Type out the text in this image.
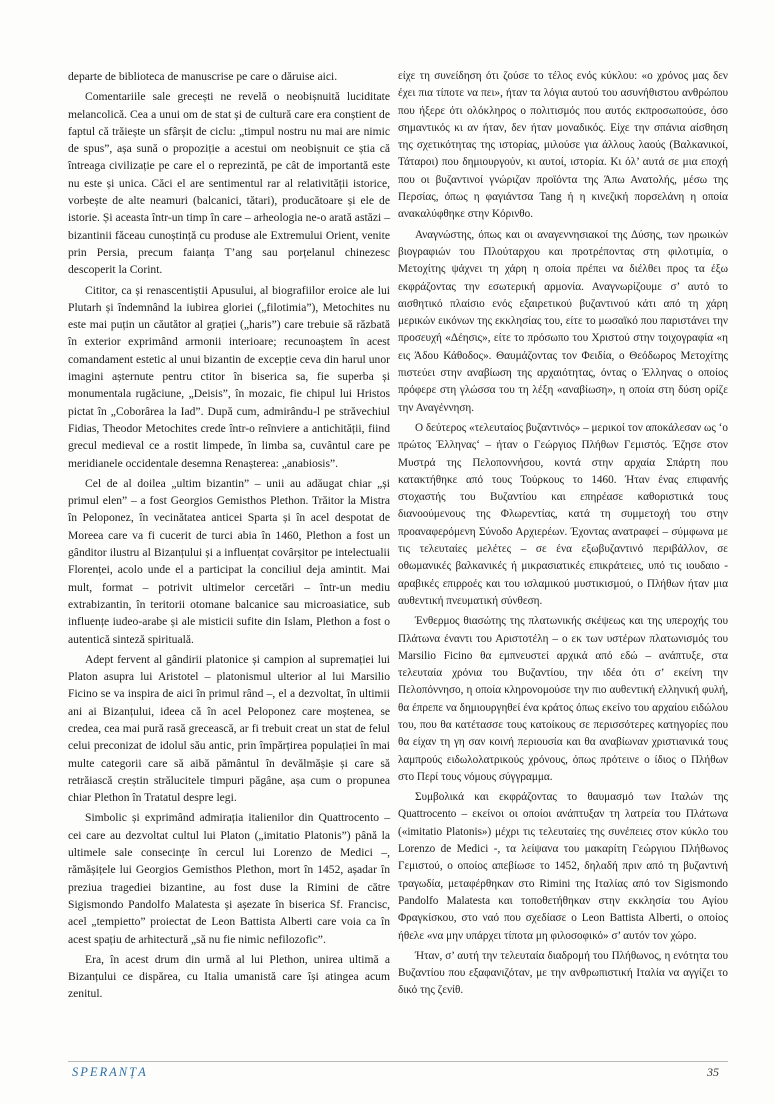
departe de biblioteca de manuscrise pe care o dăruise aici.

Comentariile sale grecești ne revelă o neobișnuită luciditate melancolică. Cea a unui om de stat și de cultură care era conștient de faptul că trăiește un sfârșit de ciclu: „timpul nostru nu mai are nimic de spus”, așa sună o propoziție a acestui om neobișnuit ce știa că întreaga civilizație pe care el o reprezintă, pe cât de importantă este nu este și unica. Căci el are sentimentul rar al relativității istorice, vorbește de alte neamuri (balcanici, tătari), producătoare și ele de istorie. Și aceasta într-un timp în care – arheologia ne-o arată astăzi – bizantinii făceau cunoștință cu produse ale Extremului Orient, venite prin Persia, precum faianța T’ang sau porțelanul chinezesc descoperit la Corint.

Cititor, ca și renascentiștii Apusului, al biografiilor eroice ale lui Plutarh și îndemnând la iubirea gloriei („filotimia”), Metochites nu este mai puțin un căutător al grației („haris”) care trebuie să răzbată în exterior exprimând armonii interioare; recunoaștem în acest comandament estetic al unui bizantin de excepție ceva din harul unor imagini așternute pentru ctitor în biserica sa, fie superba și monumentala rugăciune, „Deisis”, în mozaic, fie chipul lui Hristos pictat în „Coborârea la Iad”. După cum, admirându-l pe străvechiul Fidias, Theodor Metochites crede într-o reînviere a antichității, fiind grecul medieval ce a rostit limpede, în limba sa, cuvântul care pe meridianele occidentale desemna Renașterea: „anabiosis”.

Cel de al doilea „ultim bizantin” – unii au adăugat chiar „și primul elen” – a fost Georgios Gemisthos Plethon. Trăitor la Mistra în Peloponez, în vecinătatea anticei Sparta și în acel despotat de Moreea care va fi cucerit de turci abia în 1460, Plethon a fost un gânditor ilustru al Bizanțului și a influențat covârșitor pe intelectualii Florenței, acolo unde el a participat la conciliul deja amintit. Mai mult, format – potrivit ultimelor cercetări – într-un mediu extrabizantin, în teritorii otomane balcanice sau microasiatice, sub influențe iudeo-arabe și ale misticii sufite din Islam, Plethon a fost o autentică sinteză spirituală.

Adept fervent al gândirii platonice și campion al supremației lui Platon asupra lui Aristotel – platonismul ulterior al lui Marsilio Ficino se va inspira de aici în primul rând –, el a dezvoltat, în ultimii ani ai Bizanțului, ideea că în acel Peloponez care moștenea, se credea, cea mai pură rasă grecească, ar fi trebuit creat un stat de felul celui preconizat de idolul său antic, prin împărțirea populației în mai multe categorii care să aibă pământul în devălmășie și care să retrăiască creștin strălucitele timpuri păgâne, așa cum o propunea chiar Plethon în Tratatul despre legi.

Simbolic și exprimând admirația italienilor din Quattrocento – cei care au dezvoltat cultul lui Platon („imitatio Platonis”) până la ultimele sale consecințe în cercul lui Lorenzo de Medici –, rămășițele lui Georgios Gemisthos Plethon, mort în 1452, așadar în preziua tragediei bizantine, au fost duse la Rimini de către Sigismondo Pandolfo Malatesta și așezate în biserica Sf. Francisc, acel „tempietto” proiectat de Leon Battista Alberti care voia ca în acest spațiu de arhitectură „să nu fie nimic nefilozofic”.

Era, în acest drum din urmă al lui Plethon, unirea ultimă a Bizanțului ce dispărea, cu Italia umanistă care își atingea acum zenitul.

είχε τη συνείδηση ότι ζούσε το τέλος ενός κύκλου: «ο χρόνος μας δεν έχει πια τίποτε να πει», ήταν τα λόγια αυτού του ασυνήθιστου ανθρώπου που ήξερε ότι ολόκληρος ο πολιτισμός που αυτός εκπροσωπούσε, όσο σημαντικός κι αν ήταν, δεν ήταν μοναδικός. Είχε την σπάνια αίσθηση της σχετικότητας της ιστορίας, μιλούσε για άλλους λαούς (Βαλκανικοί, Τάταροι) που δημιουργούν, κι αυτοί, ιστορία. Κι όλ’ αυτά σε μια εποχή που οι βυζαντινοί γνώριζαν προϊόντα της Άπω Ανατολής, μέσω της Περσίας, όπως η φαγιάντσα Tang ή η κινεζική πορσελάνη η οποία ανακαλύφθηκε στην Κόρινθο.

Αναγνώστης, όπως και οι αναγεννησιακοί της Δύσης, των ηρωικών βιογραφιών του Πλούταρχου και προτρέποντας στη φιλοτιμία, ο Μετοχίτης ψάχνει τη χάρη η οποία πρέπει να διέλθει προς τα έξω εκφράζοντας την εσωτερική αρμονία. Αναγνωρίζουμε σ’ αυτό το αισθητικό πλαίσιο ενός εξαιρετικού βυζαντινού κάτι από τη χάρη μερικών εικόνων της εκκλησίας του, είτε το μωσαϊκό που παριστάνει την προσευχή «Δέησις», είτε το πρόσωπο του Χριστού στην τοιχογραφία «η εις Άδου Κάθοδος». Θαυμάζοντας τον Φειδία, ο Θεόδωρος Μετοχίτης πιστεύει στην αναβίωση της αρχαιότητας, όντας ο Έλληνας ο οποίος πρόφερε στη γλώσσα του τη λέξη «αναβίωση», η οποία στη δύση ορίζε την Αναγέννηση.

Ο δεύτερος «τελευταίος βυζαντινός» – μερικοί τον αποκάλεσαν ως ‘ο πρώτος Έλληνας‘ – ήταν ο Γεώργιος Πλήθων Γεμιστός. Έζησε στον Μυστρά της Πελοποννήσου, κοντά στην αρχαία Σπάρτη που κατακτήθηκε από τους Τούρκους το 1460. Ήταν ένας επιφανής στοχαστής του Βυζαντίου και επηρέασε καθοριστικά τους διανοούμενους της Φλωρεντίας, κατά τη συμμετοχή του στην προαναφερόμενη Σύνοδο Αρχιερέων. Έχοντας ανατραφεί – σύμφωνα με τις τελευταίες μελέτες – σε ένα εξωβυζαντινό περιβάλλον, σε οθωμανικές βαλκανικές ή μικρασιατικές επικράτειες, υπό τις ιουδαιο - αραβικές επιρροές και του ισλαμικού μυστικισμού, ο Πλήθων ήταν μια αυθεντική πνευματική σύνθεση.

Ένθερμος θιασώτης της πλατωνικής σκέψεως και της υπεροχής του Πλάτωνα έναντι του Αριστοτέλη – ο εκ των υστέρων πλατωνισμός του Marsilio Ficino θα εμπνευστεί αρχικά από εδώ – ανάπτυξε, στα τελευταία χρόνια του Βυζαντίου, την ιδέα ότι σ’ εκείνη την Πελοπόννησο, η οποία κληρονομούσε την πιο αυθεντική ελληνική φυλή, θα έπρεπε να δημιουργηθεί ένα κράτος όπως εκείνο του αρχαίου ειδώλου του, που θα κατέτασσε τους κατοίκους σε περισσότερες κατηγορίες που θα είχαν τη γη σαν κοινή περιουσία και θα αναβίωναν χριστιανικά τους λαμπρούς ειδωλολατρικούς χρόνους, όπως πρότεινε ο ίδιος ο Πλήθων στο Περί τους νόμους σύγγραμμα.

Συμβολικά και εκφράζοντας το θαυμασμό των Ιταλών της Quattrocento – εκείνοι οι οποίοι ανάπτυξαν τη λατρεία του Πλάτωνα («imitatio Platonis») μέχρι τις τελευταίες της συνέπειες στον κύκλο του Lorenzo de Medici -, τα λείψανα του μακαρίτη Γεώργιου Πλήθωνος Γεμιστού, ο οποίος απεβίωσε το 1452, δηλαδή πριν από τη βυζαντινή τραγωδία, μεταφέρθηκαν στο Rimini της Ιταλίας από τον Sigismondo Pandolfo Malatesta και τοποθετήθηκαν στην εκκλησία του Αγίου Φραγκίσκου, στο ναό που σχεδίασε ο Leon Battista Alberti, ο οποίος ήθελε «να μην υπάρχει τίποτα μη φιλοσοφικό» σ’ αυτόν τον χώρο.

Ήταν, σ’ αυτή την τελευταία διαδρομή του Πλήθωνος, η ενότητα του Βυζαντίου που εξαφανιζόταν, με την ανθρωπιστική Ιταλία να αγγίζει το δικό της ζενίθ.

SPERANȚA	35
